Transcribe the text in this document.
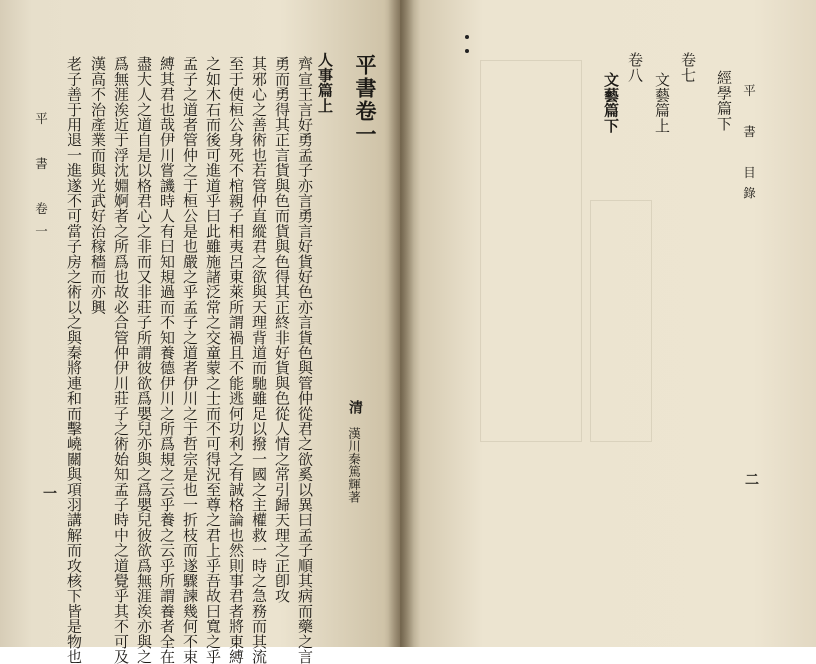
平　書　目錄
經學篇下
卷七
文藝篇上
卷八
文藝篇下
二
平書卷一
清
漢川秦篤輝著
人事篇上
齊宣王言好勇孟子亦言勇言好貨好色亦言貨色與管仲從君之欲奚以異曰孟子順其病而藥之言
勇而勇得其正言貨與色而貨與色得其正終非好貨與色從人情之常引歸天理之正卽攻
其邪心之善術也若管仲直縱君之欲與天理背道而馳雖足以撥一國之主權救一時之急務而其流
至于使桓公身死不棺親子相夷呂東萊所謂禍且不能逃何功利之有誠格論也然則事君者將東縛
之如木石而後可進道乎曰此雖施諸泛常之交童蒙之士而不可得況至尊之君上乎吾故曰寬之乎
孟子之道者管仲之于桓公是也嚴之乎孟子之道者伊川之于哲宗是也一折枝而遂驟諫幾何不束
縛其君也哉伊川嘗譏時人有曰知規過而不知養德伊川之所爲規之云乎養之云乎所謂養者全在
盡大人之道自是以格君心之非而又非莊子所謂彼欲爲嬰兒亦與之爲嬰兒彼欲爲無涯涘亦與之
爲無涯涘近于浮沈婣婀者之所爲也故必合管仲伊川莊子之術始知孟子時中之道覺乎其不可及
漢高不治產業而與光武好治稼穡而亦興
老子善于用退一進遂不可當子房之術以之與秦將連和而擊嶢關與項羽講解而攻核下皆是物也
平　書　卷一
一
